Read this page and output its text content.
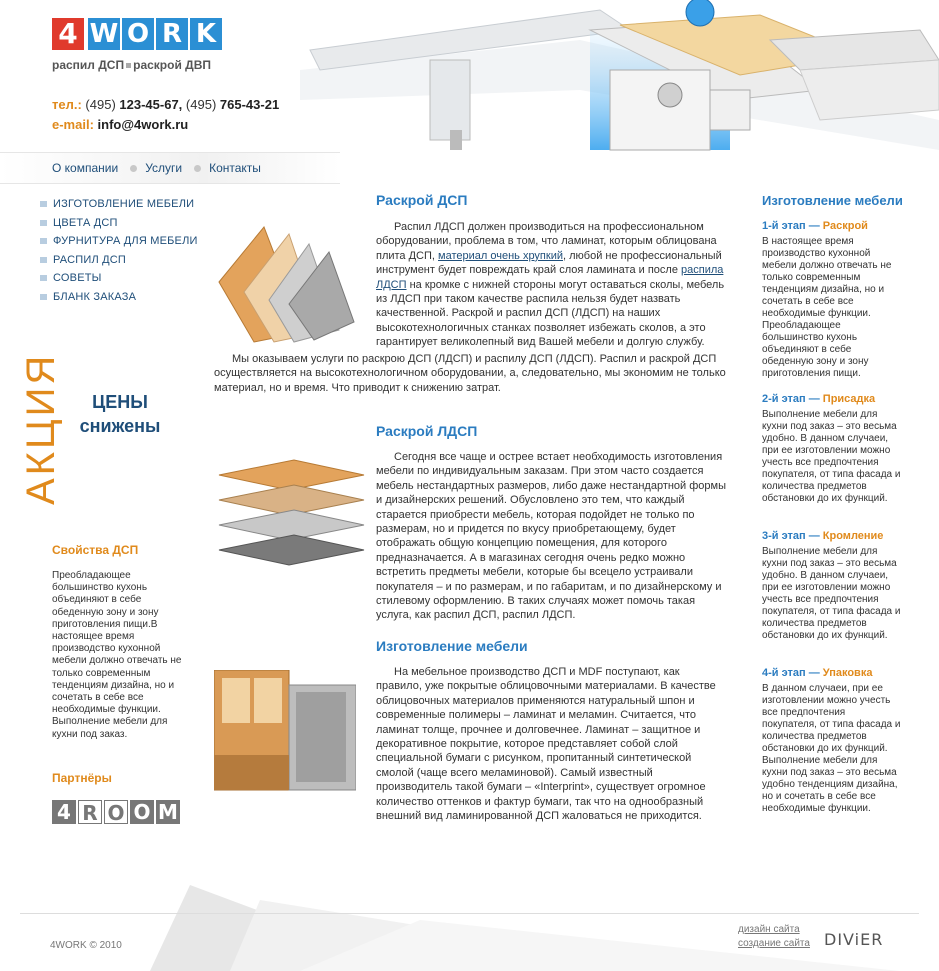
4 W O R K
распил ДСП раскрой ДВП
тел.: (495) 123-45-67, (495) 765-43-21
e-mail: info@4work.ru
О компании Услуги Контакты
ИЗГОТОВЛЕНИЕ МЕБЕЛИ
ЦВЕТА ДСП
ФУРНИТУРА ДЛЯ МЕБЕЛИ
РАСПИЛ ДСП
СОВЕТЫ
БЛАНК ЗАКАЗА
АКЦИЯ	ЦЕНЫ
снижены
Свойства ДСП
Преобладающее большинство кухонь объединяют в себе обеденную зону и зону приготовления пищи.В настоящее время производство кухонной мебели должно отвечать не только современным тенденциям дизайна, но и сочетать в себе все необходимые функции. Выполнение мебели для кухни под заказ.
Партнёры
4 R O O M
Раскрой ДСП
Распил ЛДСП должен производиться на профессиональном оборудовании, проблема в том, что ламинат, которым облицована плита ДСП, материал очень хрупкий, любой не профессиональный инструмент будет повреждать край слоя ламината и после распила ЛДСП на кромке с нижней стороны могут оставаться сколы, мебель из ЛДСП при таком качестве распила нельзя будет назвать качественной. Раскрой и распил ДСП (ЛДСП) на наших высокотехнологичных станках позволяет избежать сколов, а это гарантирует великолепный вид Вашей мебели и долгую службу.
Мы оказываем услуги по раскрою ДСП (ЛДСП) и распилу ДСП (ЛДСП). Распил и раскрой ДСП осуществляется на высокотехнологичном оборудовании, а, следовательно, мы экономим не только материал, но и время. Что приводит к снижению затрат.
Раскрой ЛДСП
Сегодня все чаще и острее встает необходимость изготовления мебели по индивидуальным заказам. При этом часто создается мебель нестандартных размеров, либо даже нестандартной формы и дизайнерских решений. Обусловлено это тем, что каждый старается приобрести мебель, которая подойдет не только по размерам, но и придется по вкусу приобретающему, будет отображать общую концепцию помещения, для которого предназначается. А в магазинах сегодня очень редко можно встретить предметы мебели, которые бы всецело устраивали покупателя – и по размерам, и по габаритам, и по дизайнерскому и стилевому оформлению. В таких случаях может помочь такая услуга, как распил ДСП, распил ЛДСП.
Изготовление мебели
На мебельное производство ДСП и MDF поступают, как правило, уже покрытые облицовочными материалами. В качестве облицовочных материалов применяются натуральный шпон и современные полимеры – ламинат и меламин. Считается, что ламинат толще, прочнее и долговечнее. Ламинат – защитное и декоративное покрытие, которое представляет собой слой специальной бумаги с рисунком, пропитанный синтетической смолой (чаще всего меламиновой). Самый известный производитель такой бумаги – «Interprint», существует огромное количество оттенков и фактур бумаги, так что на однообразный внешний вид ламинированной ДСП жаловаться не приходится.
Изготовление мебели
1-й этап — Раскрой
В настоящее время производство кухонной мебели должно отвечать не только современным тенденциям дизайна, но и сочетать в себе все необходимые функции. Преобладающее большинство кухонь объединяют в себе обеденную зону и зону приготовления пищи.
2-й этап — Присадка
Выполнение мебели для кухни под заказ – это весьма удобно. В данном случаеи, при ее изготовлении можно учесть все предпочтения покупателя, от типа фасада и количества предметов обстановки до их функций.
3-й этап — Кромление
Выполнение мебели для кухни под заказ – это весьма удобно. В данном случаеи, при ее изготовлении можно учесть все предпочтения покупателя, от типа фасада и количества предметов обстановки до их функций.
4-й этап — Упаковка
В данном случаеи, при ее изготовлении можно учесть все предпочтения покупателя, от типа фасада и количества предметов обстановки до их функций. Выполнение мебели для кухни под заказ – это весьма удобно тенденциям дизайна, но и сочетать в себе все необходимые функции.
4WORK © 2010
дизайн сайта
создание сайта DIViER
